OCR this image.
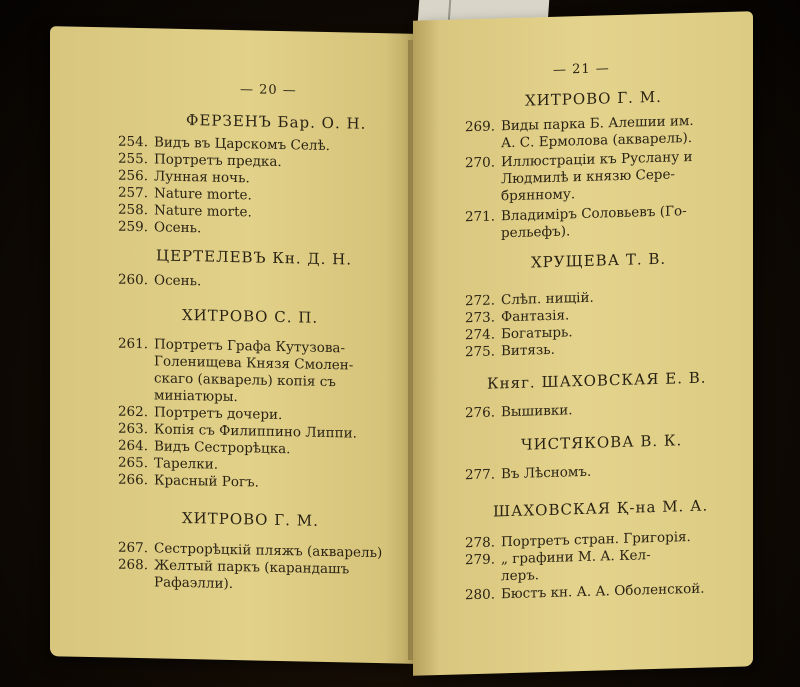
— 20 —
ФЕРЗЕНЪ Бар. О. Н.
254. Видъ въ Царскомъ Селѣ.
255. Портретъ предка.
256. Лунная ночь.
257. Nature morte.
258. Nature morte.
259. Осень.
ЦЕРТЕЛЕВЪ Кн. Д. Н.
260. Осень.
ХИТРОВО С. П.
261. Портретъ Графа Кутузова-
Голенищева Князя Смолен-
скаго (акварель) копія съ
миніатюры.
262. Портретъ дочери.
263. Копія съ Филиппино Липпи.
264. Видъ Сестрорѣцка.
265. Тарелки.
266. Красный Рогъ.
ХИТРОВО Г. М.
267. Сестрорѣцкій пляжъ (акварель)
268. Желтый паркъ (карандашъ
Рафаэлли).
— 21 —
ХИТРОВО Г. М.
269. Виды парка Б. Алешии им.
А. С. Ермолова (акварель).
270. Иллюстраціи къ Руслану и
Людмилѣ и князю Сере-
брянному.
271. Владиміръ Соловьевъ (Го-
рельефъ).
ХРУЩЕВА Т. В.
272. Слѣп. нищій.
273. Фантазія.
274. Богатырь.
275. Витязь.
Княг. ШАХОВСКАЯ Е. В.
276. Вышивки.
ЧИСТЯКОВА В. К.
277. Въ Лѣсномъ.
ШАХОВСКАЯ Қ-на М. А.
278. Портретъ стран. Григорія.
279. „ графини М. А. Кел-
леръ.
280. Бюстъ кн. А. А. Оболенской.
